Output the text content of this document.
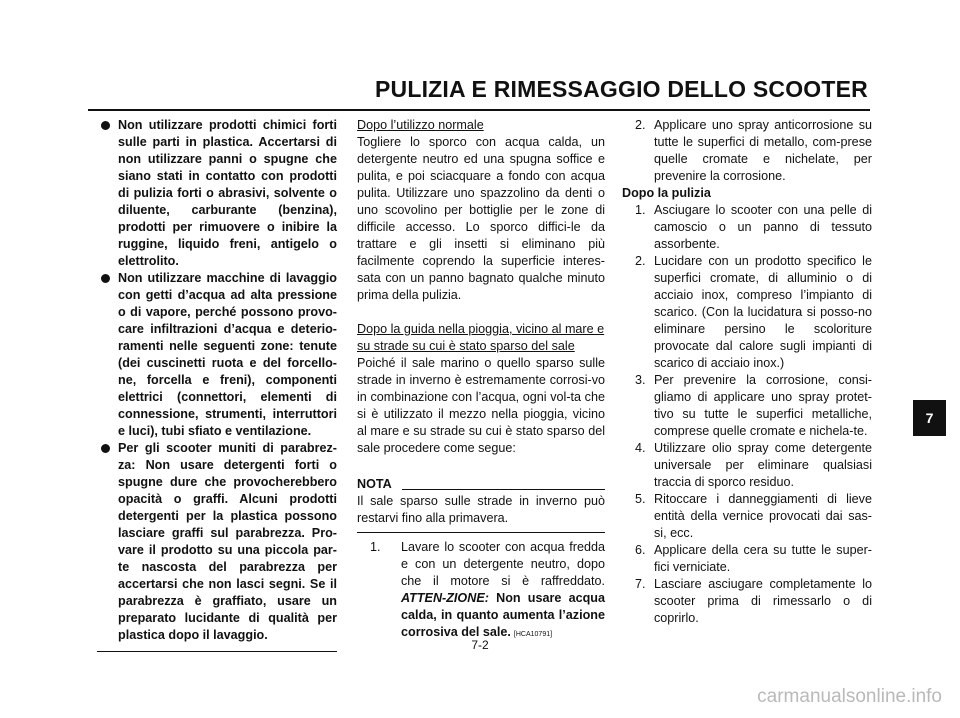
PULIZIA E RIMESSAGGIO DELLO SCOOTER
Non utilizzare prodotti chimici forti sulle parti in plastica. Accertarsi di non utilizzare panni o spugne che siano stati in contatto con prodotti di pulizia forti o abrasivi, solvente o diluente, carburante (benzina), prodotti per rimuovere o inibire la ruggine, liquido freni, antigelo o elettrolito.
Non utilizzare macchine di lavaggio con getti d’acqua ad alta pressione o di vapore, perché possono provo-care infiltrazioni d’acqua e deterio-ramenti nelle seguenti zone: tenute (dei cuscinetti ruota e del forcello-ne, forcella e freni), componenti elettrici (connettori, elementi di connessione, strumenti, interruttori e luci), tubi sfiato e ventilazione.
Per gli scooter muniti di parabrez-za: Non usare detergenti forti o spugne dure che provocherebbero opacità o graffi. Alcuni prodotti detergenti per la plastica possono lasciare graffi sul parabrezza. Pro-vare il prodotto su una piccola par-te nascosta del parabrezza per accertarsi che non lasci segni. Se il parabrezza è graffiato, usare un preparato lucidante di qualità per plastica dopo il lavaggio.
Dopo l’utilizzo normale
Togliere lo sporco con acqua calda, un detergente neutro ed una spugna soffice e pulita, e poi sciacquare a fondo con acqua pulita. Utilizzare uno spazzolino da denti o uno scovolino per bottiglie per le zone di difficile accesso. Lo sporco diffici-le da trattare e gli insetti si eliminano più facilmente coprendo la superficie interes-sata con un panno bagnato qualche minuto prima della pulizia.
Dopo la guida nella pioggia, vicino al mare e su strade su cui è stato sparso del sale
Poiché il sale marino o quello sparso sulle strade in inverno è estremamente corrosi-vo in combinazione con l’acqua, ogni vol-ta che si è utilizzato il mezzo nella pioggia, vicino al mare e su strade su cui è stato sparso del sale procedere come segue:
NOTA
Il sale sparso sulle strade in inverno può restarvi fino alla primavera.
1. Lavare lo scooter con acqua fredda e con un detergente neutro, dopo che il motore si è raffreddato. ATTEN-ZIONE: Non usare acqua calda, in quanto aumenta l’azione corrosiva del sale. [HCA10791]
2. Applicare uno spray anticorrosione su tutte le superfici di metallo, com-prese quelle cromate e nichelate, per prevenire la corrosione.
Dopo la pulizia
1. Asciugare lo scooter con una pelle di camoscio o un panno di tessuto assorbente.
2. Lucidare con un prodotto specifico le superfici cromate, di alluminio o di acciaio inox, compreso l’impianto di scarico. (Con la lucidatura si posso-no eliminare persino le scoloriture provocate dal calore sugli impianti di scarico di acciaio inox.)
3. Per prevenire la corrosione, consi-gliamo di applicare uno spray protet-tivo su tutte le superfici metalliche, comprese quelle cromate e nichela-te.
4. Utilizzare olio spray come detergente universale per eliminare qualsiasi traccia di sporco residuo.
5. Ritoccare i danneggiamenti di lieve entità della vernice provocati dai sas-si, ecc.
6. Applicare della cera su tutte le super-fici verniciate.
7. Lasciare asciugare completamente lo scooter prima di rimessarlo o di coprirlo.
7
7-2
carmanualsonline.info
